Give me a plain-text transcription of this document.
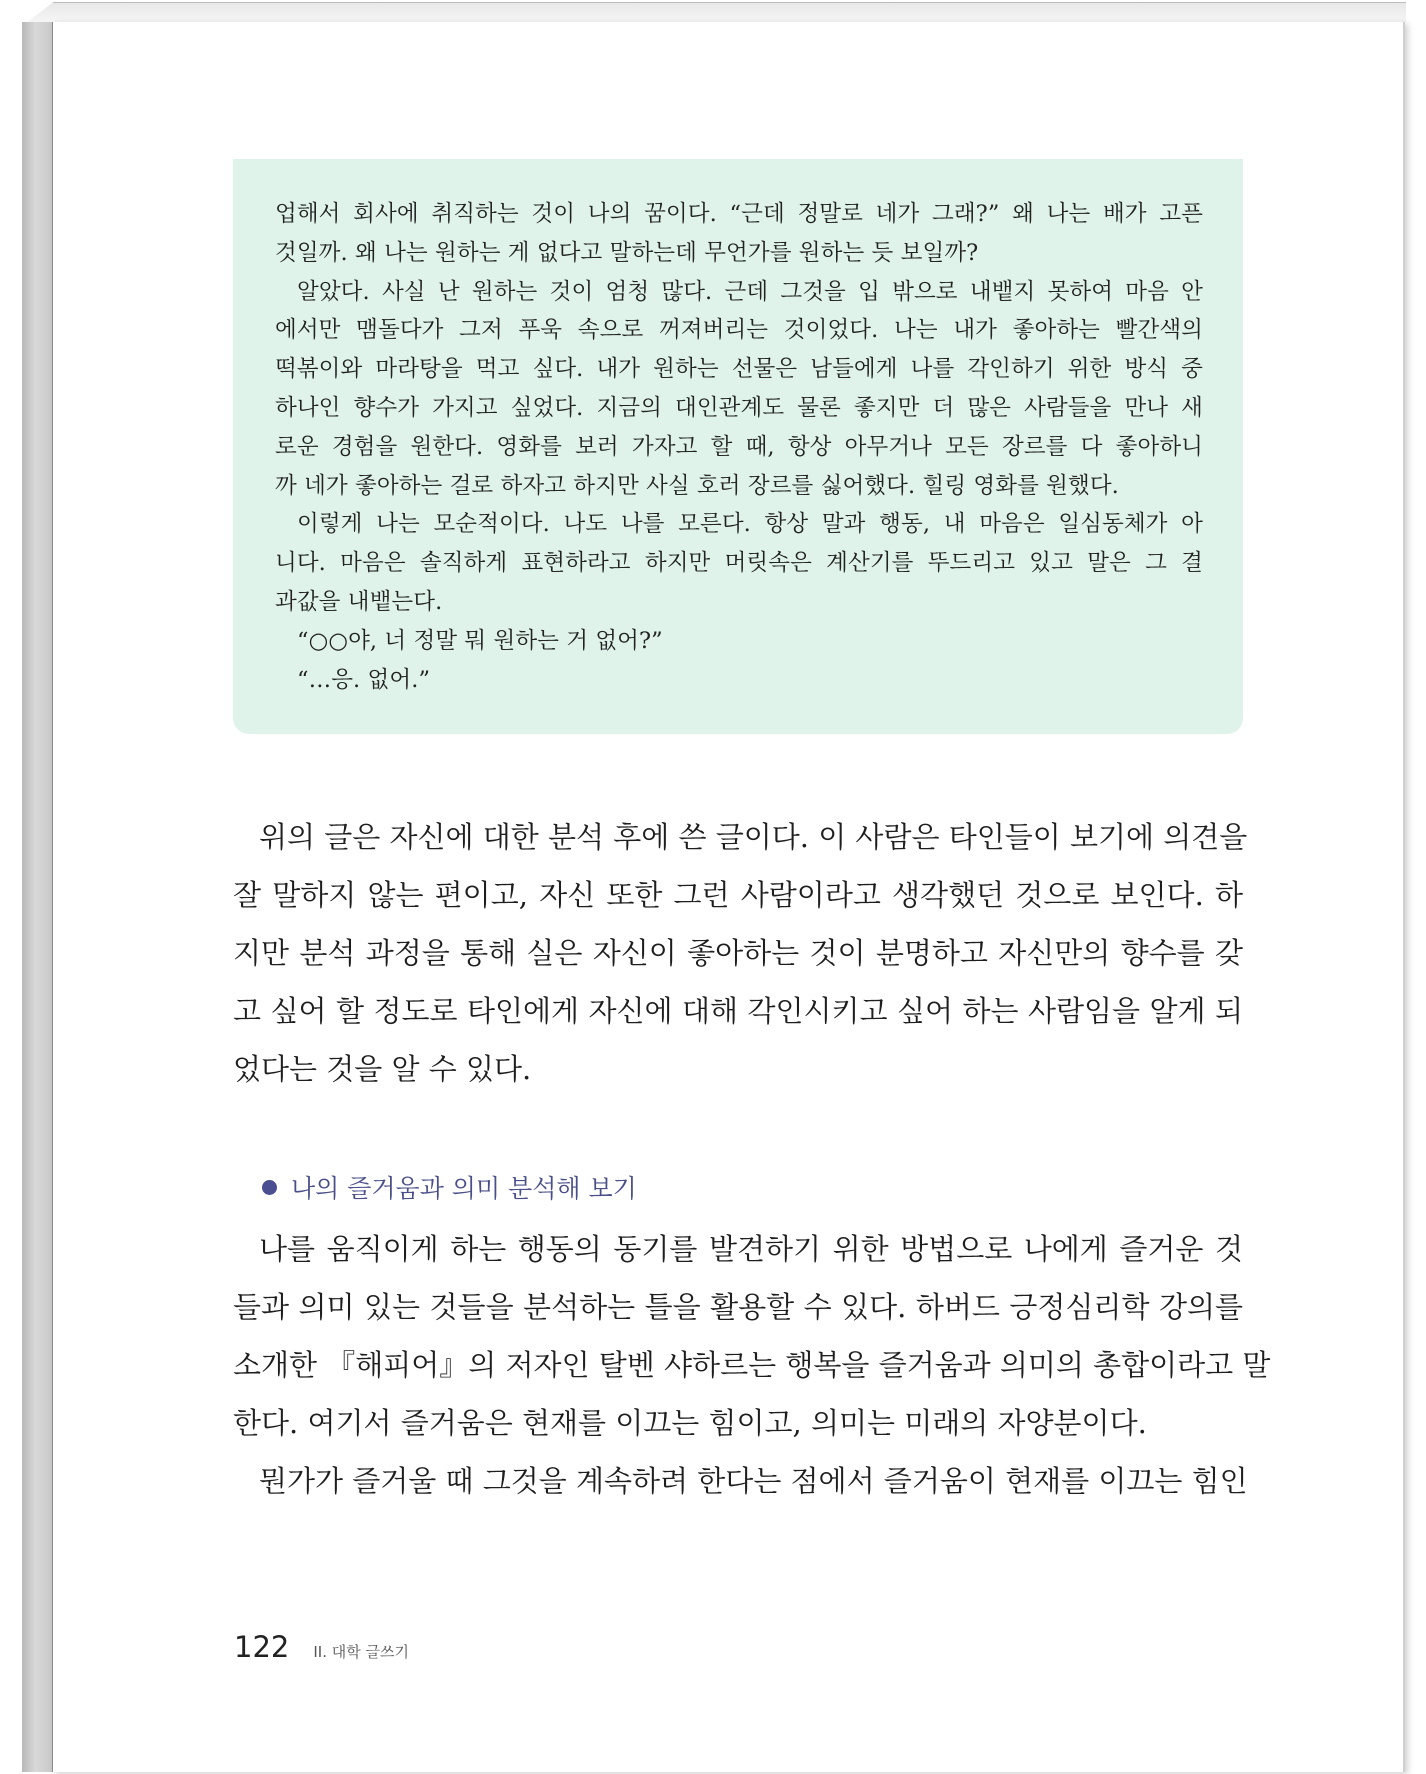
업해서 회사에 취직하는 것이 나의 꿈이다. “근데 정말로 네가 그래?” 왜 나는 배가 고픈
것일까. 왜 나는 원하는 게 없다고 말하는데 무언가를 원하는 듯 보일까?
알았다. 사실 난 원하는 것이 엄청 많다. 근데 그것을 입 밖으로 내뱉지 못하여 마음 안
에서만 맴돌다가 그저 푸욱 속으로 꺼져버리는 것이었다. 나는 내가 좋아하는 빨간색의
떡볶이와 마라탕을 먹고 싶다. 내가 원하는 선물은 남들에게 나를 각인하기 위한 방식 중
하나인 향수가 가지고 싶었다. 지금의 대인관계도 물론 좋지만 더 많은 사람들을 만나 새
로운 경험을 원한다. 영화를 보러 가자고 할 때, 항상 아무거나 모든 장르를 다 좋아하니
까 네가 좋아하는 걸로 하자고 하지만 사실 호러 장르를 싫어했다. 힐링 영화를 원했다.
이렇게 나는 모순적이다. 나도 나를 모른다. 항상 말과 행동, 내 마음은 일심동체가 아
니다. 마음은 솔직하게 표현하라고 하지만 머릿속은 계산기를 뚜드리고 있고 말은 그 결
과값을 내뱉는다.
“○○야, 너 정말 뭐 원하는 거 없어?”
“…응. 없어.”
위의 글은 자신에 대한 분석 후에 쓴 글이다. 이 사람은 타인들이 보기에 의견을
잘 말하지 않는 편이고, 자신 또한 그런 사람이라고 생각했던 것으로 보인다. 하
지만 분석 과정을 통해 실은 자신이 좋아하는 것이 분명하고 자신만의 향수를 갖
고 싶어 할 정도로 타인에게 자신에 대해 각인시키고 싶어 하는 사람임을 알게 되
었다는 것을 알 수 있다.
나의 즐거움과 의미 분석해 보기
나를 움직이게 하는 행동의 동기를 발견하기 위한 방법으로 나에게 즐거운 것
들과 의미 있는 것들을 분석하는 틀을 활용할 수 있다. 하버드 긍정심리학 강의를
소개한 『해피어』의 저자인 탈벤 샤하르는 행복을 즐거움과 의미의 총합이라고 말
한다. 여기서 즐거움은 현재를 이끄는 힘이고, 의미는 미래의 자양분이다.
뭔가가 즐거울 때 그것을 계속하려 한다는 점에서 즐거움이 현재를 이끄는 힘인
122 II. 대학 글쓰기
